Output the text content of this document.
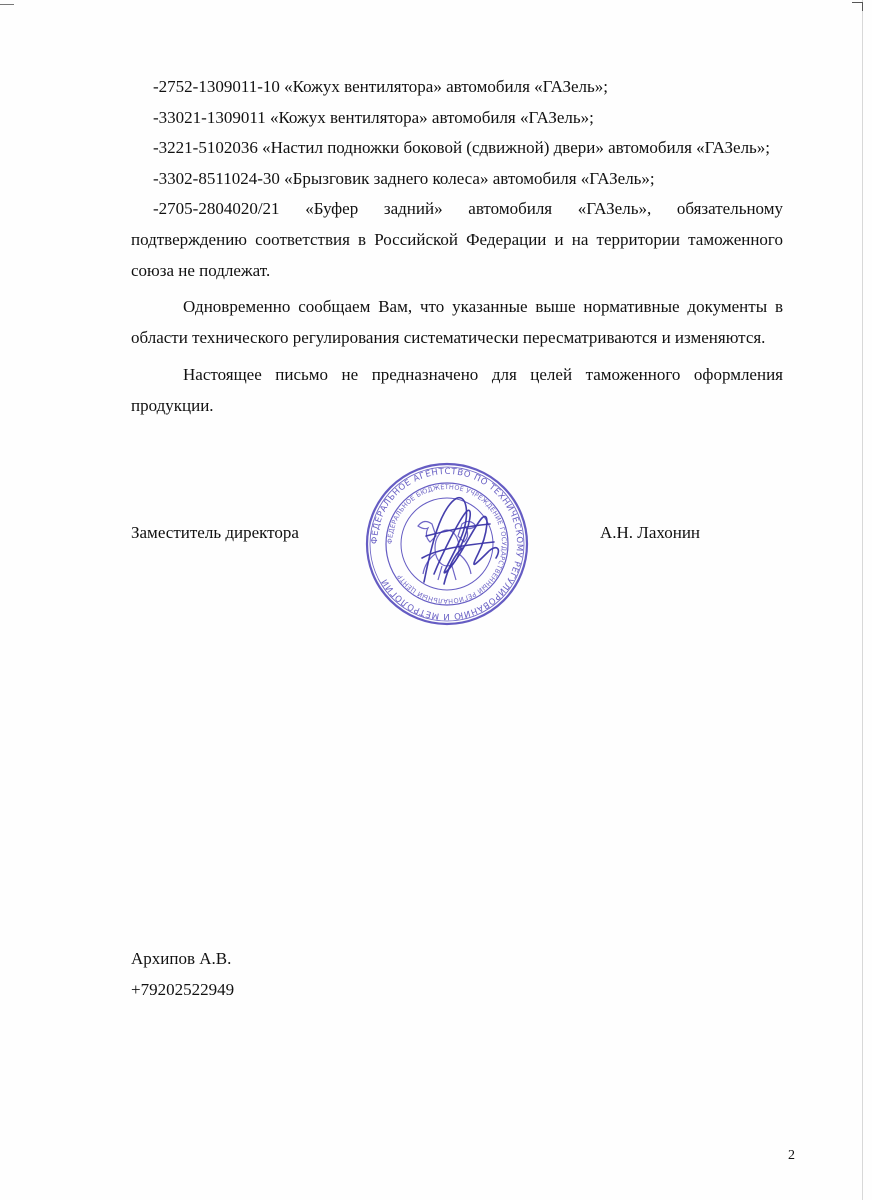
-2752-1309011-10 «Кожух вентилятора» автомобиля «ГАЗель»;

-33021-1309011 «Кожух вентилятора» автомобиля «ГАЗель»;

-3221-5102036 «Настил подножки боковой (сдвижной) двери» автомобиля «ГАЗель»;

-3302-8511024-30 «Брызговик заднего колеса» автомобиля «ГАЗель»;

-2705-2804020/21 «Буфер задний» автомобиля «ГАЗель», обязательному подтверждению соответствия в Российской Федерации и на территории таможенного союза не подлежат.

Одновременно сообщаем Вам, что указанные выше нормативные документы в области технического регулирования систематически пересматриваются и изменяются.

Настоящее письмо не предназначено для целей таможенного оформления продукции.

Заместитель директора	ФЕДЕРАЛЬНОЕ АГЕНТСТВО ПО ТЕХНИЧЕСКОМУ РЕГУЛИРОВАНИЮ И МЕТРОЛОГИИ
ФЕДЕРАЛЬНОЕ БЮДЖЕТНОЕ УЧРЕЖДЕНИЕ ГОСУДАРСТВЕННЫЙ РЕГИОНАЛЬНЫЙ ЦЕНТР
А.Н. Лахонин
Архипов А.В.
+79202522949
2
